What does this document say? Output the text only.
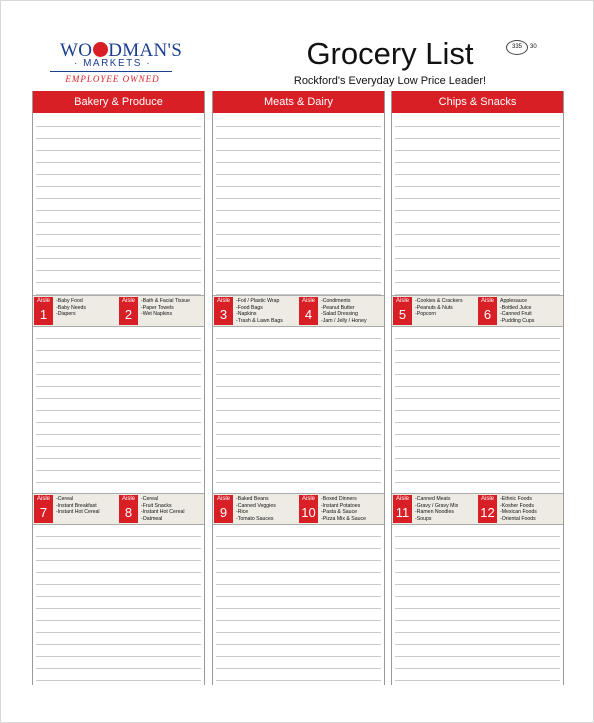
WO DMAN'S
· MARKETS ·
EMPLOYEE OWNED
Grocery List
Rockford's Everyday Low Price Leader!
335	30
Bakery & Produce
Aisle
1
-Baby Food
-Baby Needs
-Diapers
Aisle
2
-Bath & Facial Tissue
-Paper Towels
-Wet Napkins
Aisle
7
-Cereal
-Instant Breakfast
-Instant Hot Cereal
Aisle
8
-Cereal
-Fruit Snacks
-Instant Hot Cereal
-Oatmeal
Meats & Dairy
Aisle
3
-Foil / Plastic Wrap
-Food Bags
-Napkins
-Trash & Lawn Bags
Aisle
4
-Condiments
-Peanut Butter
-Salad Dressing
-Jam / Jelly / Honey
Aisle
9
-Baked Beans
-Canned Veggies
-Rice
-Tomato Sauces
Aisle
10
-Boxed Dinners
-Instant Potatoes
-Pasta & Sauce
-Pizza Mix & Sauce
Chips & Snacks
Aisle
5
-Cookies & Crackers
-Peanuts & Nuts
-Popcorn
Aisle
6
Applesauce
-Bottled Juice
-Canned Fruit
-Pudding Cups
Aisle
11
-Canned Meats
-Gravy / Gravy Mix
-Ramen Noodles
-Soups
Aisle
12
-Ethnic Foods
-Kosher Foods
-Mexican Foods
-Oriental Foods
